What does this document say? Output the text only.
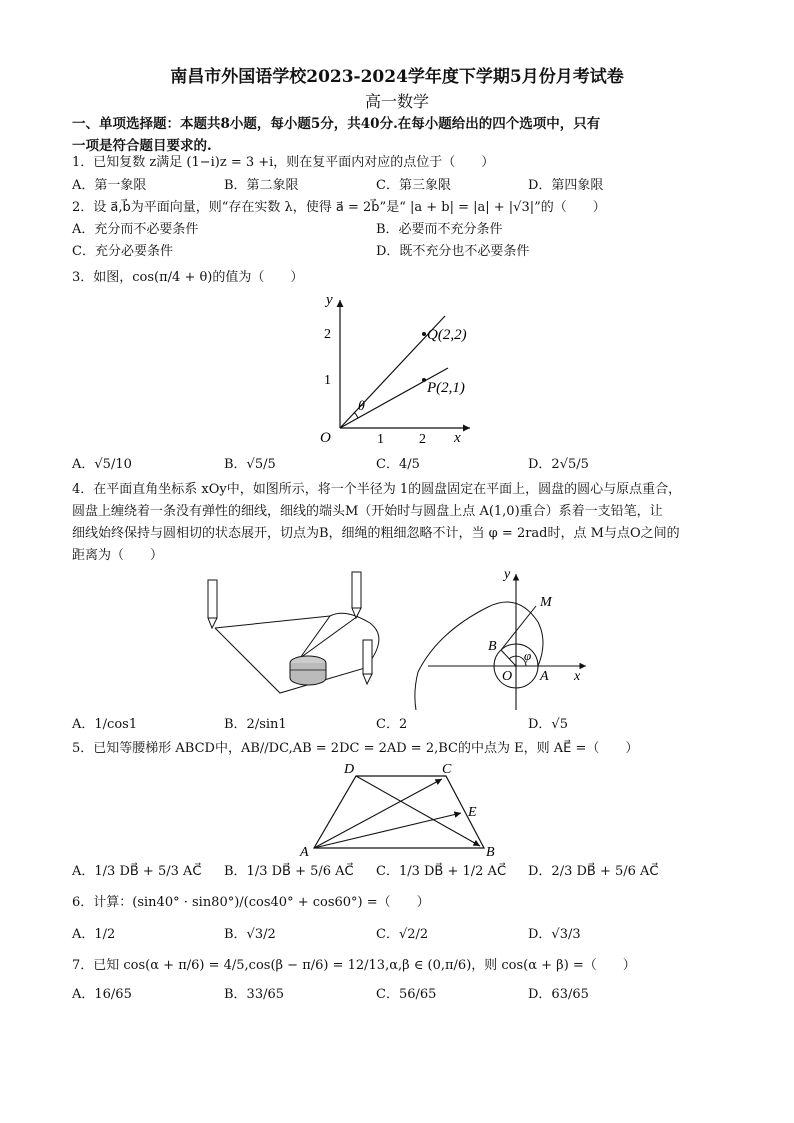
南昌市外国语学校2023-2024学年度下学期5月份月考试卷
高一数学
一、单项选择题：本题共8小题，每小题5分，共40分.在每小题给出的四个选项中，只有
一项是符合题目要求的.
1．已知复数 z满足 (1−i)z = 3 +i，则在复平面内对应的点位于（　　）
A．第一象限	B．第二象限	C．第三象限	D．第四象限
2．设 a⃗,b⃗为平面向量，则“存在实数 λ，使得 a⃗ = 2b⃗”是“ |a + b| = |a| + |√3|”的（　　）
A．充分而不必要条件	B．必要而不充分条件
C．充分必要条件	D．既不充分也不必要条件
3．如图，cos(π/4 + θ)的值为（　　）
y
x
O	1	2
2
1
Q(2,2)
P(2,1)
θ
A．√5/10	B．√5/5	C．4/5	D．2√5/5
4．在平面直角坐标系 xOy中，如图所示，将一个半径为 1的圆盘固定在平面上，圆盘的圆心与原点重合，
圆盘上缠绕着一条没有弹性的细线，细线的端头M（开始时与圆盘上点 A(1,0)重合）系着一支铅笔，让
细线始终保持与圆相切的状态展开，切点为B，细绳的粗细忽略不计，当 φ = 2rad时，点 M与点O之间的
距离为（　　）
y
x
O
M
B
A
φ
A．1/cos1	B．2/sin1	C．2	D．√5
5．已知等腰梯形 ABCD中，AB//DC,AB = 2DC = 2AD = 2,BC的中点为 E，则 AE⃗ =（　　）
A	B
C
D
E
A．1/3 DB⃗ + 5/3 AC⃗ B．1/3 DB⃗ + 5/6 AC⃗ C．1/3 DB⃗ + 1/2 AC⃗ D．2/3 DB⃗ + 5/6 AC⃗
6．计算：(sin40° · sin80°)/(cos40° + cos60°) =（　　）
A．1/2	B．√3/2	C．√2/2	D．√3/3
7．已知 cos(α + π/6) = 4/5,cos(β − π/6) = 12/13,α,β ∈ (0,π/6)，则 cos(α + β) =（　　）
A．16/65	B．33/65	C．56/65	D．63/65
